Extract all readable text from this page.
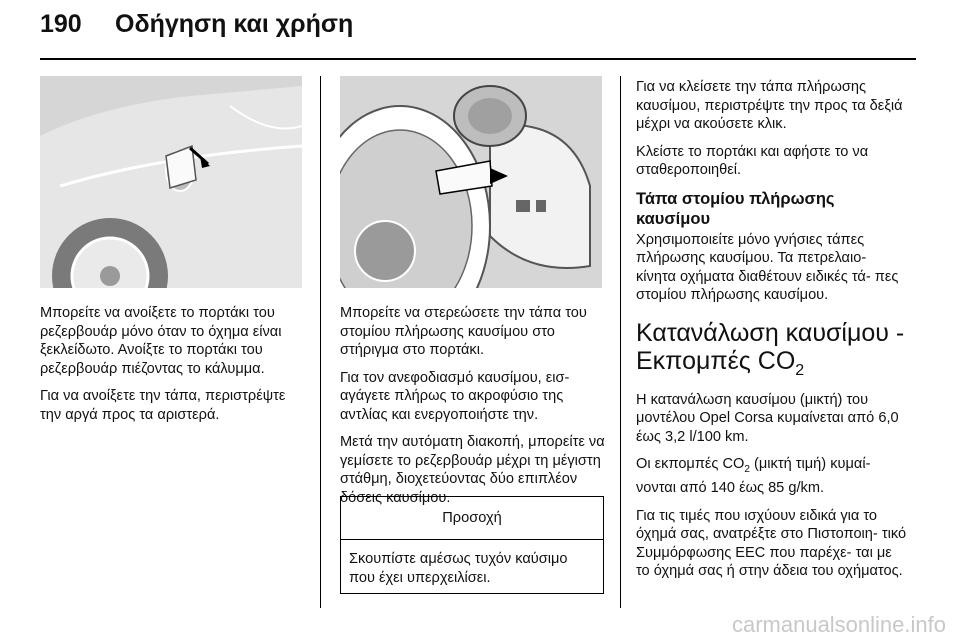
190 Οδήγηση και χρήση

Μπορείτε να ανοίξετε το πορτάκι του ρεζερβουάρ μόνο όταν το όχημα είναι ξεκλείδωτο. Ανοίξτε το πορτάκι του ρεζερβουάρ πιέζοντας το κάλυμμα.

Για να ανοίξετε την τάπα, περιστρέψτε την αργά προς τα αριστερά.

Μπορείτε να στερεώσετε την τάπα του στομίου πλήρωσης καυσίμου στο στήριγμα στο πορτάκι.

Για τον ανεφοδιασμό καυσίμου, εισ- αγάγετε πλήρως το ακροφύσιο της αντλίας και ενεργοποιήστε την.

Μετά την αυτόματη διακοπή, μπορείτε να γεμίσετε το ρεζερβουάρ μέχρι τη μέγιστη στάθμη, διοχετεύοντας δύο επιπλέον δόσεις καυσίμου.

Προσοχή
Σκουπίστε αμέσως τυχόν καύσιμο που έχει υπερχειλίσει.

Για να κλείσετε την τάπα πλήρωσης καυσίμου, περιστρέψτε την προς τα δεξιά μέχρι να ακούσετε κλικ.

Κλείστε το πορτάκι και αφήστε το να σταθεροποιηθεί.

Τάπα στομίου πλήρωσης καυσίμου

Χρησιμοποιείτε μόνο γνήσιες τάπες πλήρωσης καυσίμου. Τα πετρελαιο- κίνητα οχήματα διαθέτουν ειδικές τά- πες στομίου πλήρωσης καυσίμου.

Κατανάλωση καυσίμου -
Εκπομπές $CO_2$

Η κατανάλωση καυσίμου (μικτή) του μοντέλου Opel Corsa κυμαίνεται από 6,0 έως 3,2 l/100 km.

Οι εκπομπές $CO_2$ (μικτή τιμή) κυμαί- νονται από 140 έως 85 g/km.

Για τις τιμές που ισχύουν ειδικά για το όχημά σας, ανατρέξτε στο Πιστοποιη- τικό Συμμόρφωσης EEC που παρέχε- ται με το όχημά σας ή στην άδεια του οχήματος.

carmanualsonline.info
